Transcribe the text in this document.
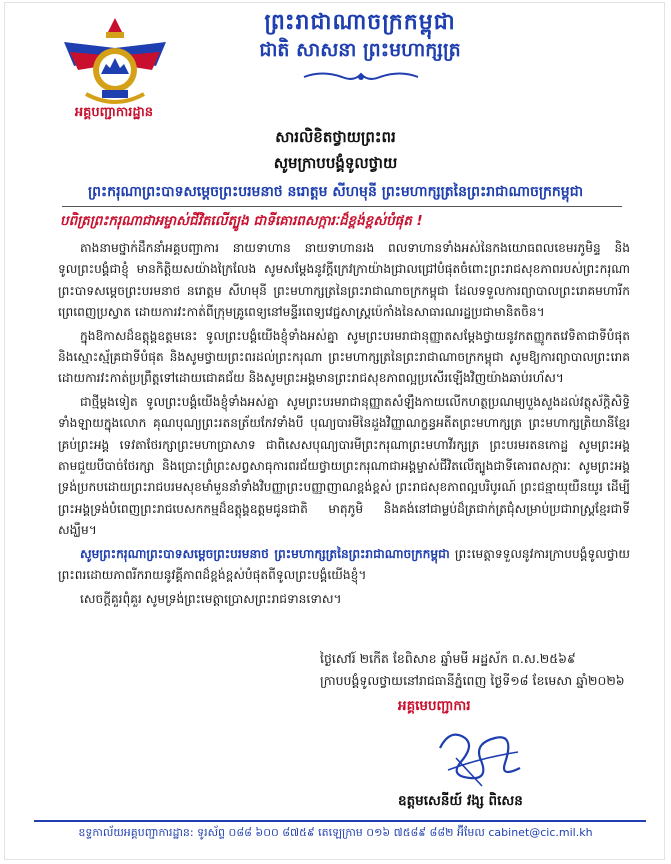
អគ្គបញ្ជាការដ្ឋាន
ព្រះរាជាណាចក្រកម្ពុជា
ជាតិ សាសនា ព្រះមហាក្សត្រ
សារលិខិតថ្វាយព្រះពរ
សូមក្រាបបង្គំទូលថ្វាយ
ព្រះករុណាព្រះបាទសម្តេចព្រះបរមនាថ នរោត្តម សីហមុនី ព្រះមហាក្សត្រនៃព្រះរាជាណាចក្រកម្ពុជា
បពិត្រព្រះករុណាជាអម្ចាស់ជីវិតលើត្បូង ជាទីគោរពសក្ការៈដ៏ខ្ពង់ខ្ពស់បំផុត !

តាងនាមថ្នាក់ដឹកនាំអគ្គបញ្ជាការ នាយទាហាន នាយទាហានរង ពលទាហានទាំងអស់នៃកងយោធពលខេមរភូមិន្ទ និងទូលព្រះបង្គំជាខ្ញុំ មានកិត្តិយសយ៉ាងក្រៃលែង សូមសម្តែងនូវក្តីក្រេវក្រាយ៉ាងជ្រាលជ្រៅបំផុតចំពោះព្រះរាជសុខភាពរបស់ព្រះករុណាព្រះបាទសម្តេចព្រះបរមនាថ នរោត្តម សីហមុនី ព្រះមហាក្សត្រនៃព្រះរាជាណាចក្រកម្ពុជា ដែលទទួលការព្យាបាលព្រះរោគមហារីកព្រេពេញប្រស្វាត ដោយការវះកាត់ពីក្រុមគ្រូពេទ្យនៅមន្ទីរពេទ្យវេជ្ជសាស្ត្រប៉េកាំងនៃសាធារណរដ្ឋប្រជាមានិតចិន។

ក្នុងឱកាសដ៏ឧត្តុង្គឧត្តមនេះ ទូលព្រះបង្គំយើងខ្ញុំទាំងអស់គ្នា សូមព្រះបរមរាជានុញ្ញាតសម្តែងថ្វាយនូវកតញ្ញូកតវេទិតាជាទីបំផុត និងស្មោះស្ម័គ្រជាទីបំផុត និងសូមថ្វាយព្រះពរដល់ព្រះករុណា ព្រះមហាក្សត្រនៃព្រះរាជាណាចក្រកម្ពុជា សូមឱ្យការព្យាបាលព្រះរោគដោយការវះកាត់ប្រព្រឹត្តទៅដោយជោគជ័យ និងសូមព្រះអង្គមានព្រះរាជសុខភាពល្អប្រសើរឡើងវិញយ៉ាងឆាប់រហ័ស។

ជាថ្មីម្តងទៀត ទូលព្រះបង្គំយើងខ្ញុំទាំងអស់គ្នា សូមព្រះបរមរាជានុញ្ញាតសំឡឹងកាយលើកហត្ថប្រណម្យបួងសួងដល់វត្ថុស័ក្តិសិទ្ធិទាំងឡាយក្នុងលោក គុណបុណ្យព្រះរតនត្រ័យកែវទាំងបី បុណ្យបារមីនៃដួងវិញ្ញាណក្ខន្ធអតីតព្រះមហាក្សត្រ ព្រះមហាក្សត្រិយានីខ្មែរគ្រប់ព្រះអង្គ ទេវតាថែរក្សាព្រះមហាប្រាសាទ ជាពិសេសបុណ្យបារមីព្រះករុណាព្រះមហាវីរក្សត្រ ព្រះបរមរតនកោដ្ឋ សូមព្រះអង្គតាមជួយបីបាច់ថែរក្សា និងប្រោះព្រំព្រះសព្វសាធុការពរជ័យថ្វាយព្រះករុណាជាអង្គម្ចាស់ជីវិតលើត្បូងជាទីគោរពសក្ការៈ សូមព្រះអង្គទ្រង់ប្រកបដោយព្រះរាជបរមសុខមាំមួននាំទាំងវិបញ្ញាព្រះបញ្ញាញាណខ្ពង់ខ្ពស់ ព្រះរាជសុខភាពល្អបរិបូរណ៍ ព្រះជន្មាយុយឺនយូរ ដើម្បីព្រះអង្គទ្រង់បំពេញព្រះរាជបេសកកម្មដ៏ឧត្តុង្គឧត្តមជូនជាតិ មាតុភូមិ និងគង់នៅជាម្លប់ដ៏ត្រជាក់ត្រជុំសម្រាប់ប្រជារាស្ត្រខ្មែរជាទីសង្ឃឹម។

សូមព្រះករុណាព្រះបាទសម្តេចព្រះបរមនាថ ព្រះមហាក្សត្រនៃព្រះរាជាណាចក្រកម្ពុជា ព្រះមេត្តាទទួលនូវការក្រាបបង្គំទូលថ្វាយព្រះពរដោយភាពរីករាយនូវគ្គីភាពដ៏ខ្ពង់ខ្ពស់បំផុតពីទូលព្រះបង្គំយើងខ្ញុំ។

សេចក្តីគួរពុំគួរ សូមទ្រង់ព្រះមេត្តាប្រោសព្រះរាជទានទោស។

ថ្ងៃសៅរ៍ ២កើត ខែពិសាខ ឆ្នាំមមី អដ្ឋស័ក ព.ស.២៥៦៩
ក្រាបបង្គំទូលថ្វាយនៅរាជធានីភ្នំពេញ ថ្ងៃទី១៨ ខែមេសា ឆ្នាំ២០២៦
អគ្គមេបញ្ជាការ
ឧត្តមសេនីយ៍ វង្ស ពិសេន
ឧទ្ទកាល័យអគ្គបញ្ជាការដ្ឋាន: ទូរស័ព្ទ ០៨៨ ៦០០ ៨៧៥៩ តេឡេក្រាម ០១៦ ៧៥៨៩ ៨៨២ អ៊ីមែល cabinet@cic.mil.kh
